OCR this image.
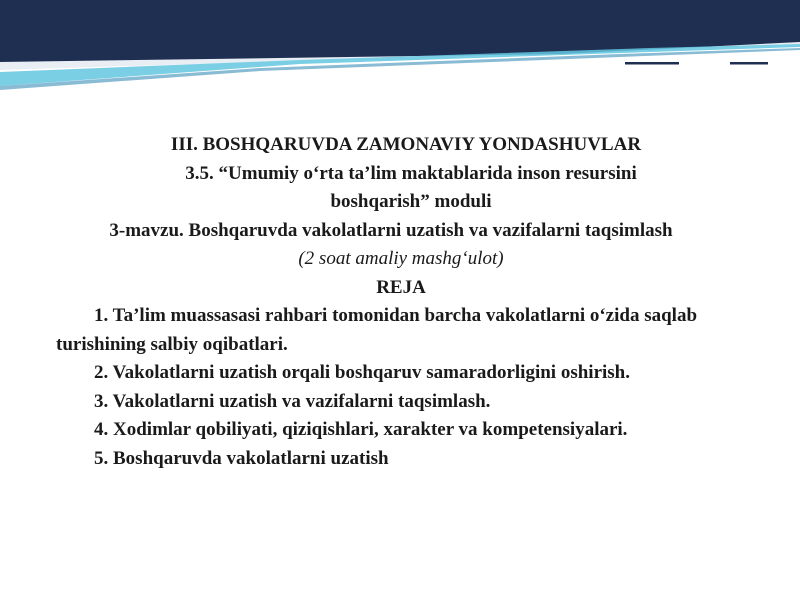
III. BOSHQARUVDA ZAMONAVIY YONDASHUVLAR
3.5. “Umumiy o‘rta ta’lim maktablarida inson resursini boshqarish” moduli
3-mavzu. Boshqaruvda vakolatlarni uzatish va vazifalarni taqsimlash
(2 soat amaliy mashg‘ulot)
REJA
1. Ta’lim muassasasi rahbari tomonidan barcha vakolatlarni o‘zida saqlab turishining salbiy oqibatlari.
2. Vakolatlarni uzatish orqali boshqaruv samaradorligini oshirish.
3. Vakolatlarni uzatish va vazifalarni taqsimlash.
4. Xodimlar qobiliyati, qiziqishlari, xarakter va kompetensiyalari.
5. Boshqaruvda vakolatlarni uzatish
